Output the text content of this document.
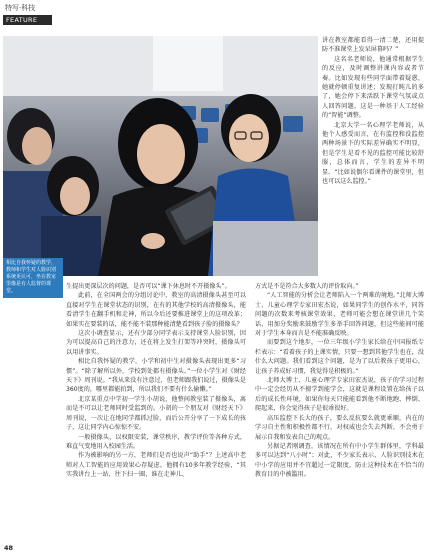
特写·科技
FEATURE
相比自我怀疑的教学，教师和学生对人脸识别系统更认可，坐在教室里像是有人监督的课堂。

讲在教室都能看得一清二楚，还用提防不准课堂上发呆屏幕吗？”

这名名老师说，他通常根据学生的反应，及时调整讲课内容或者节奏。比如发现有些同学面带着疑惑，她就停顿重复讲述；发现打盹儿的多了，她会停下来活跃下课堂气氛或点人回答问题。这是一种基于人工经验的“智能”调整。

北京大学一名心理学老师说，从他个人感受而言，在有监控和没监控两种场景下的实际差异确实不明显，但是学生是看不见的监控可能比较舒服，总体而言，学生的差异不明显。“比如说偶尔看课件的课堂里，但也可以这么监控。”

生提出更深层次的问题，是否可以“课下休息时不开摄像头”。

此前，在全国两会的分组讨论中，教室的高清摄像头甚至可以直接对学生在课堂状态的识别，在有的其他学校的高清摄像头，能看清学生在翻手机和走神，所以今后还要推进课堂上的这项改革；如果实在要装的话，能不能不装那种能清楚看到孩子脸的摄像头？

这次小调查显示，还有少部分同学表示支持课堂人脸识别，因为可以提高自己的注意力，还在将上发生打架等冲突时，摄像头可以用讲事实。

相比自我怀疑的教学，小学和初中生对摄像头表现出更多“习惯”。“除了解所以外，学校到处都有摄像头。”一位小学生对《财经天下》周刊说。“我从来没有注意过，但老师跟我们说过，摄像头是360度的，哪里都能拍到，所以我们不要有什么偷懒。”

北京某重点中学初一学生小胡说，他整间教室装了摄像头，离而是不可以让老师同时受监到的。小胡的一个朋友对《财经天下》周刊说，一次让在地同学都抓过脸，而后公开分享了一下成长的孩子，这让同学内心惊惊不安。

一般摄像头，以权限安装，课堂秩序，教学评价等各种方式，难直气变地用入校园生活。

作为被影响的另一方，老师们是否也说声“助手”？上述高中老师对人工智能的应用效果心存疑虑。他拥有10多年教学经验，“其实我讲台上一站，往下扫一圈，谁在走神儿、

方式是不是符合大多数人的评价取向。”

“人工智能的分析会让老师陷入一个两难的境地。”北师大博士、儿童心理学专家田宏杰说，如果同学生的创作水平，同答问题的次数来考核课堂效果，老师可能会想在课堂讲几个笑话，用加分奖励来鼓励学生多举手回答问题，但这些能间可能对于学生本身而言是不能准确反映。

而要到这个地步，一位三年级小学生家长给在中国报纸专栏表示：“看着孩子的上课实情，只要一想到其他学生也在，没什么大问题。我们看到这个问题，是为了以后教孩子更用心，让孩子养成好习惯，我觉得是积极的。”

北师大博士、儿童心理学专家田宏杰说，孩子的学习过程中一定会经历从不擅学到能学会，这就是课程设置在给孩子以后的成长性环境，如果你每天只能能看到他不断地跑、摔倒、爬起来，你会觉得孩子是很乖很好。

高压监控下长大的孩子，要么反抗要么就更乖顺，内在的学习自主性和积极性都不行，对权威也会失去判断，不会勇于展示自我和发表自己的观点。

另据记者刚调查，该情况在所有中小学生群体里，学科最多可以达到“八小时”；对此，不少家长表示，人脸识别技术在中小学的应用并不宜超过一定限度，防止这种技术在不恰当的教育目的中被滥用。

48
